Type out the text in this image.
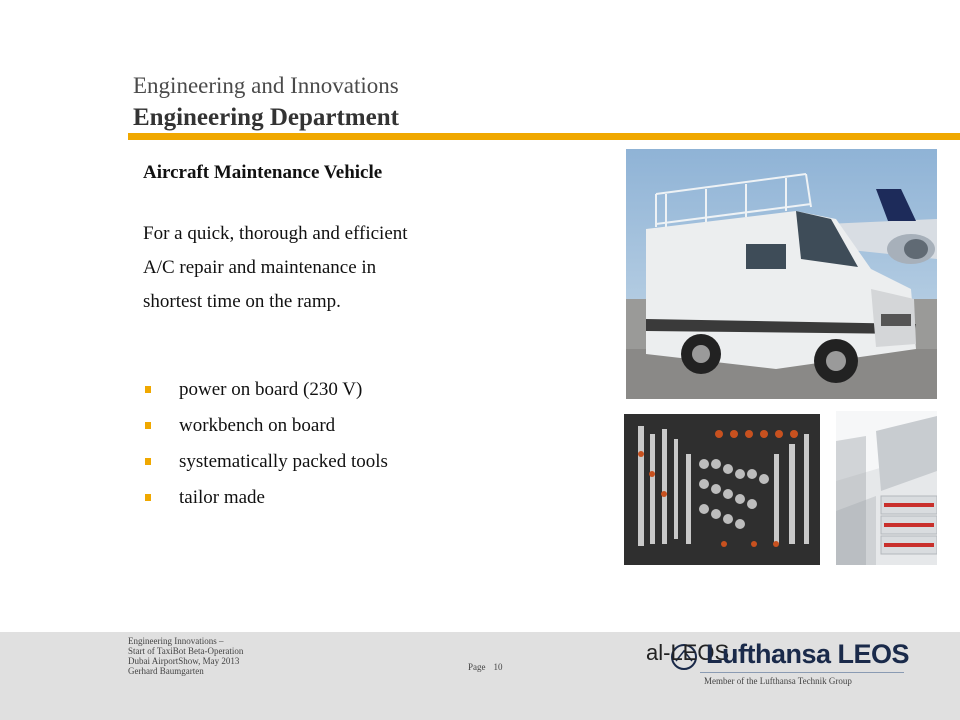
Engineering and Innovations
Engineering Department
Aircraft Maintenance Vehicle
For a quick, thorough and efficient
A/C repair and maintenance in
shortest time on the ramp.
power on board (230 V)
workbench on board
systematically packed tools
tailor made
Engineering Innovations –
Start of TaxiBot Beta-Operation
Dubai AirportShow, May 2013
Gerhard Baumgarten	Page 10
al-LEOS
Lufthansa LEOS
Member of the Lufthansa Technik Group
